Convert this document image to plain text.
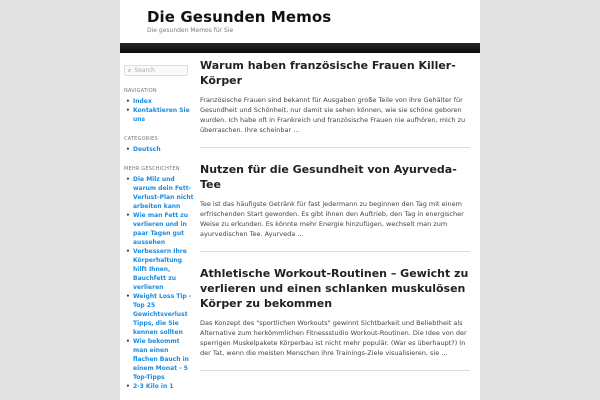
Die Gesunden Memos
Die gesunden Memos für Sie
⌕ Search
NAVIGATION
• Index
• Kontaktieren Sie uns
CATEGORIES
• Deutsch
MEHR GESCHICHTEN
• Die Milz und warum dein Fett-Verlust-Plan nicht arbeiten kann
• Wie man Fett zu verlieren und in paar Tagen gut aussehen
• Verbessern Ihre Körperhaltung hilft Ihnen, Bauchfett zu verlieren
• Weight Loss Tip - Top 25 Gewichtsverlust Tipps, die Sie kennen sollten
• Wie bekommt man einen flachen Bauch in einem Monat - 5 Top-Tipps
• 2-3 Kilo in 1
Warum haben französische Frauen Killer-Körper

Französische Frauen sind bekannt für Ausgaben große Teile von ihre Gehälter für Gesundheit und Schönheit, nur damit sie sehen können, wie sie schöne geboren wurden. Ich habe oft in Frankreich und französische Frauen nie aufhören, mich zu überraschen. Ihre scheinbar …

Nutzen für die Gesundheit von Ayurveda-Tee

Tee ist das häufigste Getränk für fast jedermann zu beginnen den Tag mit einem erfrischenden Start geworden. Es gibt ihnen den Auftrieb, den Tag in energischer Weise zu erkunden. Es könnte mehr Energie hinzufügen, wechselt man zum ayurvedischen Tee. Ayurveda …

Athletische Workout-Routinen – Gewicht zu verlieren und einen schlanken muskulösen Körper zu bekommen

Das Konzept des "sportlichen Workouts" gewinnt Sichtbarkeit und Beliebtheit als Alternative zum herkömmlichen Fitnessstudio Workout-Routinen. Die Idee von der sperrigen Muskelpakete Körperbau ist nicht mehr populär. (War es überhaupt?) In der Tat, wenn die meisten Menschen ihre Trainings-Ziele visualisieren, sie …
